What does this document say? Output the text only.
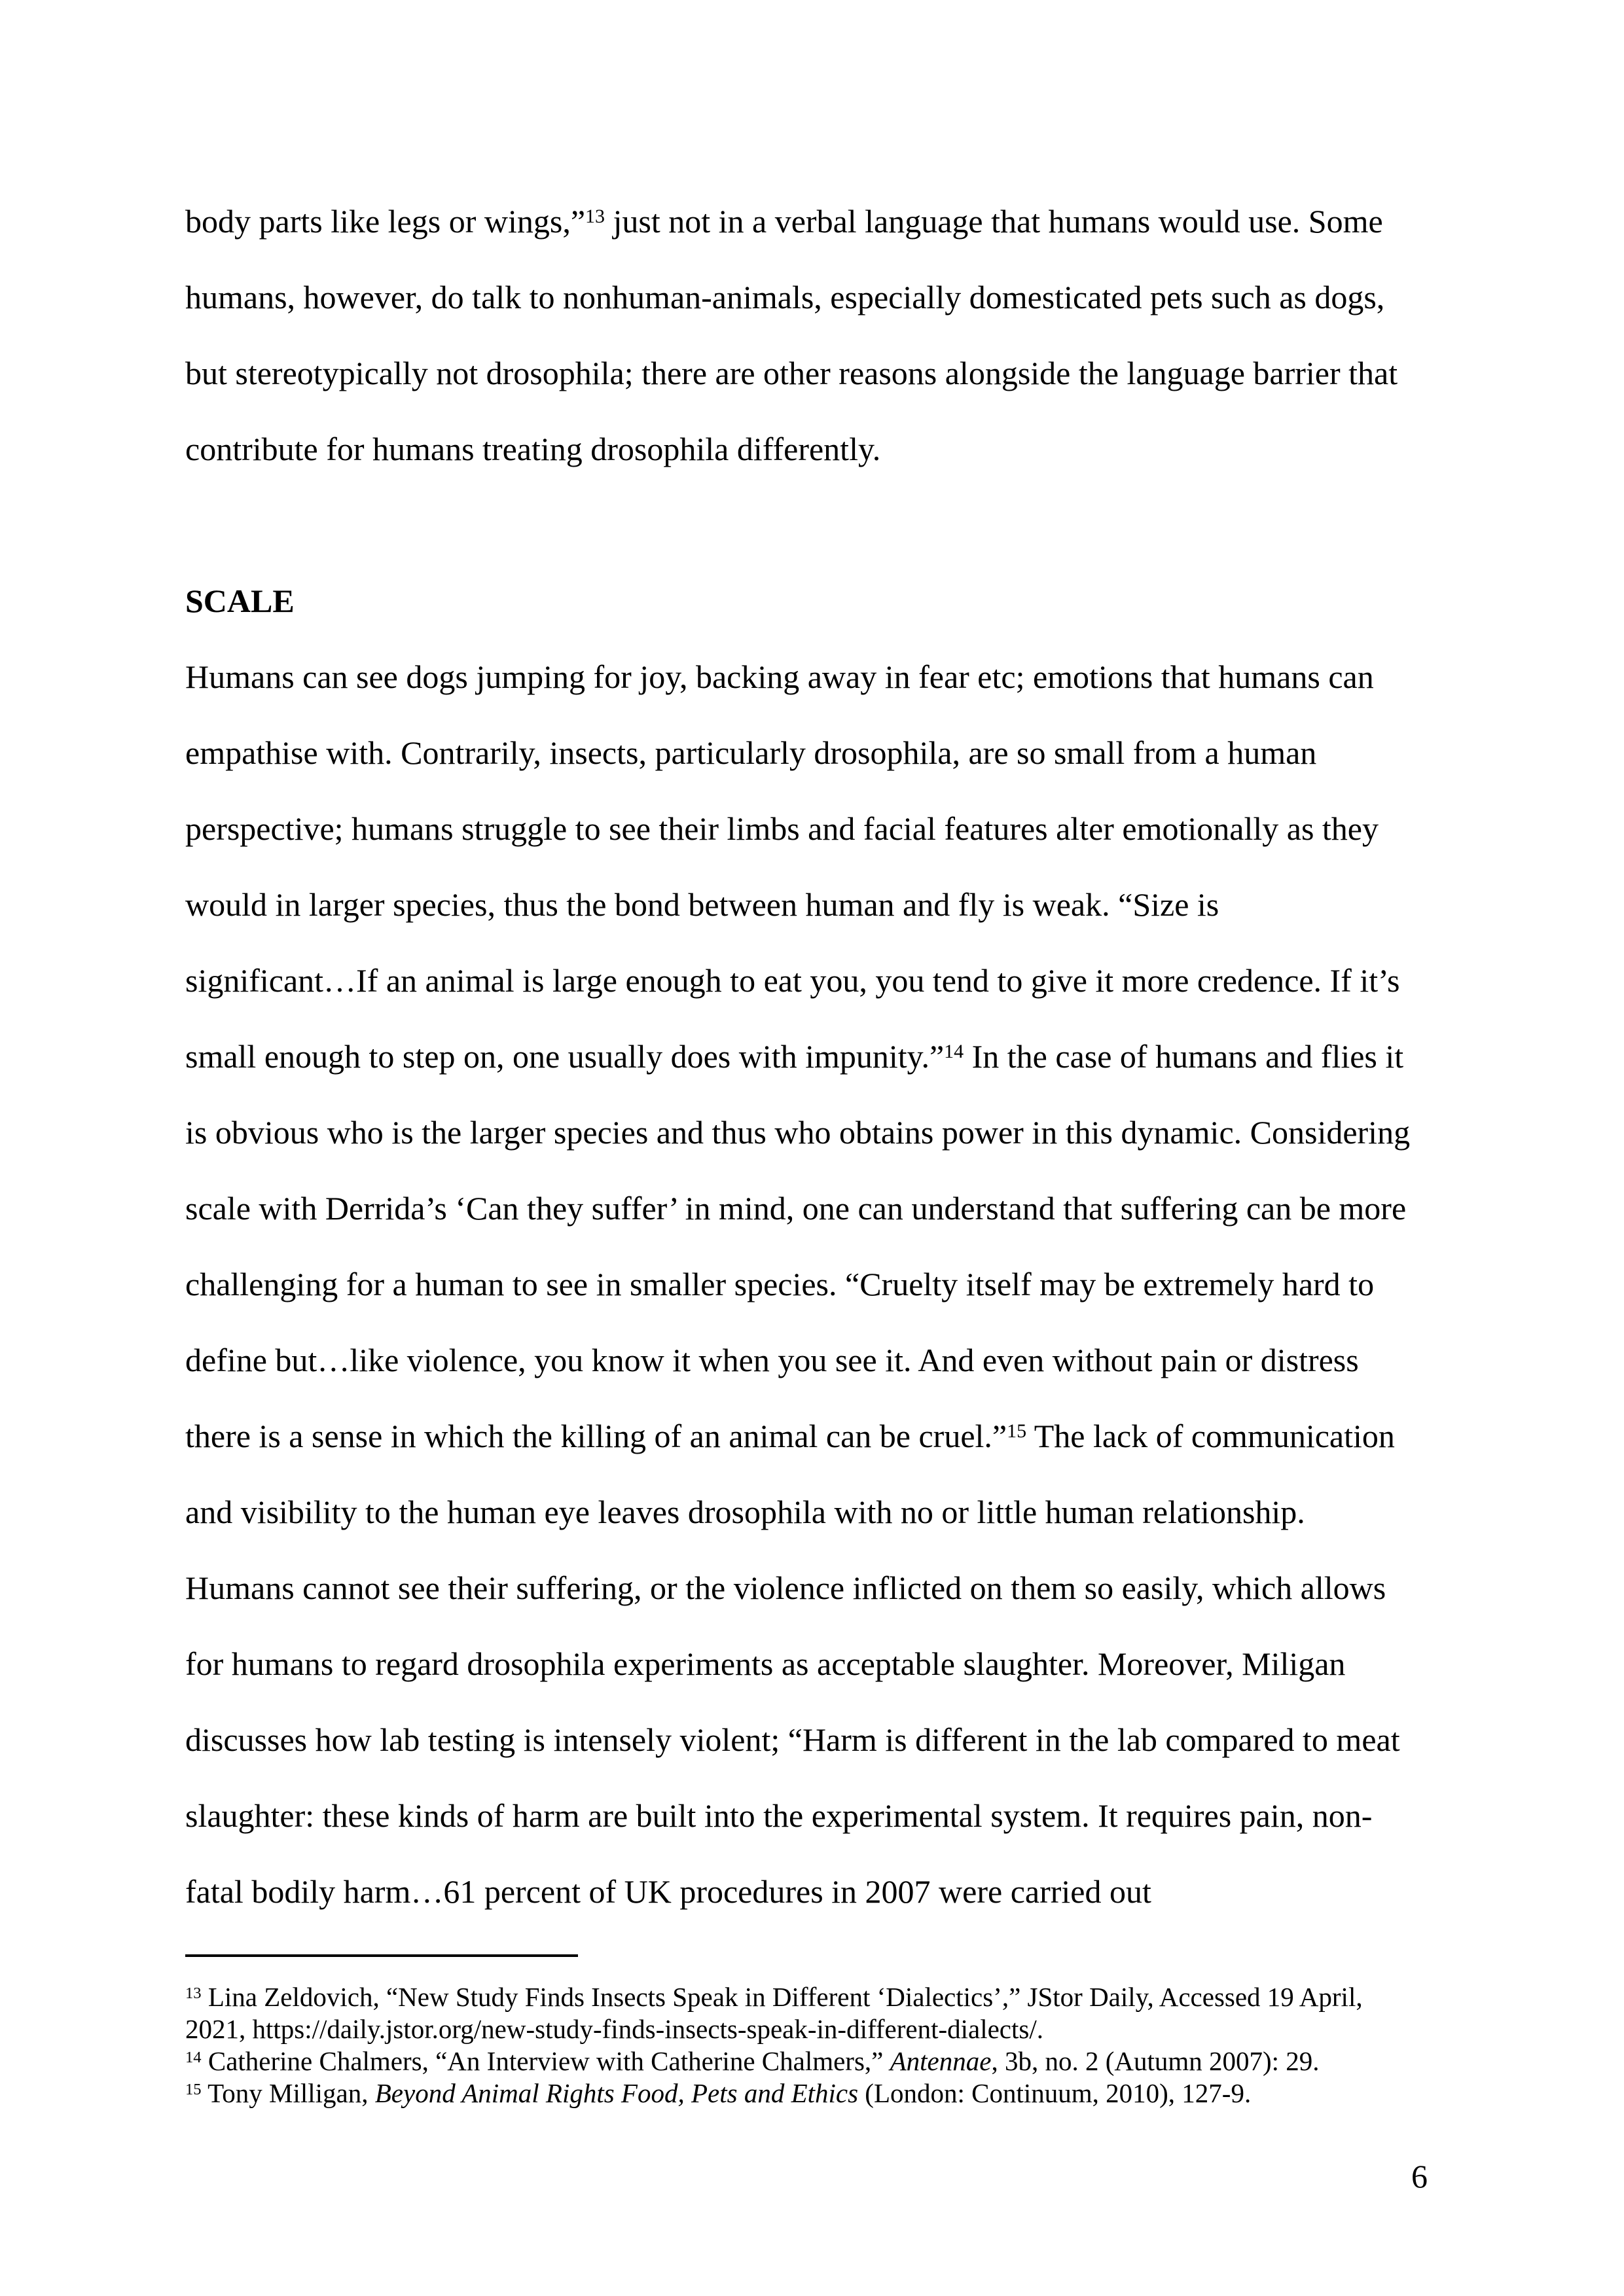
body parts like legs or wings,”$^{13}$ just not in a verbal language that humans would use. Some
humans, however, do talk to nonhuman-animals, especially domesticated pets such as dogs,
but stereotypically not drosophila; there are other reasons alongside the language barrier that
contribute for humans treating drosophila differently.
SCALE
Humans can see dogs jumping for joy, backing away in fear etc; emotions that humans can
empathise with. Contrarily, insects, particularly drosophila, are so small from a human
perspective; humans struggle to see their limbs and facial features alter emotionally as they
would in larger species, thus the bond between human and fly is weak. “Size is
significant…If an animal is large enough to eat you, you tend to give it more credence. If it’s
small enough to step on, one usually does with impunity.”$^{14}$ In the case of humans and flies it
is obvious who is the larger species and thus who obtains power in this dynamic. Considering
scale with Derrida’s ‘Can they suffer’ in mind, one can understand that suffering can be more
challenging for a human to see in smaller species. “Cruelty itself may be extremely hard to
define but…like violence, you know it when you see it. And even without pain or distress
there is a sense in which the killing of an animal can be cruel.”$^{15}$ The lack of communication
and visibility to the human eye leaves drosophila with no or little human relationship.
Humans cannot see their suffering, or the violence inflicted on them so easily, which allows
for humans to regard drosophila experiments as acceptable slaughter. Moreover, Miligan
discusses how lab testing is intensely violent; “Harm is different in the lab compared to meat
slaughter: these kinds of harm are built into the experimental system. It requires pain, non-
fatal bodily harm…61 percent of UK procedures in 2007 were carried out
$^{13}$ Lina Zeldovich, “New Study Finds Insects Speak in Different ‘Dialectics’,” JStor Daily, Accessed 19 April,
2021, https://daily.jstor.org/new-study-finds-insects-speak-in-different-dialects/.
$^{14}$ Catherine Chalmers, “An Interview with Catherine Chalmers,” Antennae, 3b, no. 2 (Autumn 2007): 29.
$^{15}$ Tony Milligan, Beyond Animal Rights Food, Pets and Ethics (London: Continuum, 2010), 127-9.
6
